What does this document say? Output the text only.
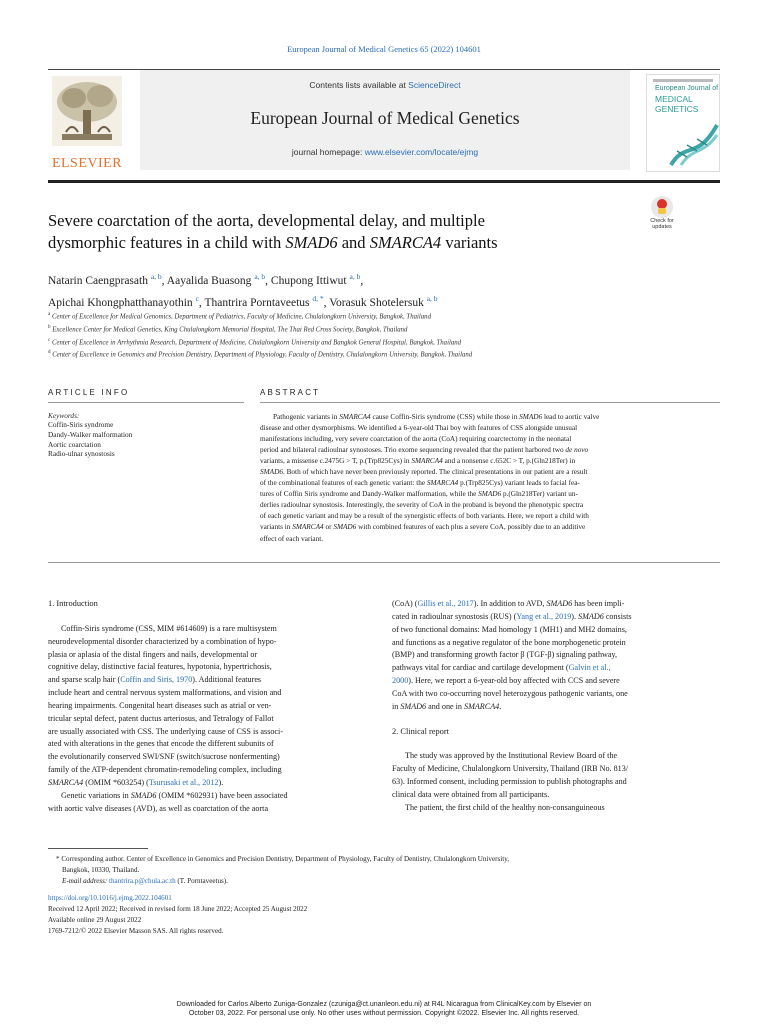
European Journal of Medical Genetics 65 (2022) 104601
ELSEVIER
Contents lists available at ScienceDirect
European Journal of Medical Genetics
journal homepage: www.elsevier.com/locate/ejmg
European Journal of
MEDICAL
GENETICS
Severe coarctation of the aorta, developmental delay, and multiple
dysmorphic features in a child with SMAD6 and SMARCA4 variants
Check for
updates
Natarin Caengprasath $^{a, b}$, Aayalida Buasong $^{a, b}$, Chupong Ittiwut $^{a, b}$,
Apichai Khongphatthanayothin $^c$, Thantrira Porntaveetus $^{d, *}$, Vorasuk Shotelersuk $^{a, b}$
$^a$ Center of Excellence for Medical Genomics, Department of Pediatrics, Faculty of Medicine, Chulalongkorn University, Bangkok, Thailand
$^b$ Excellence Center for Medical Genetics, King Chulalongkorn Memorial Hospital, The Thai Red Cross Society, Bangkok, Thailand
$^c$ Center of Excellence in Arrhythmia Research, Department of Medicine, Chulalongkorn University and Bangkok General Hospital, Bangkok, Thailand
$^d$ Center of Excellence in Genomics and Precision Dentistry, Department of Physiology, Faculty of Dentistry, Chulalongkorn University, Bangkok, Thailand
ARTICLE INFO	ABSTRACT
Keywords:
Coffin-Siris syndrome
Dandy-Walker malformation
Aortic coarctation
Radio-ulnar synostosis
Pathogenic variants in SMARCA4 cause Coffin-Siris syndrome (CSS) while those in SMAD6 lead to aortic valve
disease and other dysmorphisms. We identified a 6-year-old Thai boy with features of CSS alongside unusual
manifestations including, very severe coarctation of the aorta (CoA) requiring coarctectomy in the neonatal
period and bilateral radioulnar synostoses. Trio exome sequencing revealed that the patient harbored two de novo
variants, a missense c.2475G > T, p.(Trp825Cys) in SMARCA4 and a nonsense c.652C > T, p.(Gln218Ter) in
SMAD6. Both of which have never been previously reported. The clinical presentations in our patient are a result
of the combinational features of each genetic variant: the SMARCA4 p.(Trp825Cys) variant leads to facial fea-
tures of Coffin Siris syndrome and Dandy-Walker malformation, while the SMAD6 p.(Gln218Ter) variant un-
derlies radioulnar synostosis. Interestingly, the severity of CoA in the proband is beyond the phenotypic spectra
of each genetic variant and may be a result of the synergistic effects of both variants. Here, we report a child with
variants in SMARCA4 or SMAD6 with combined features of each plus a severe CoA, possibly due to an additive
effect of each variant.
1. Introduction
Coffin-Siris syndrome (CSS, MIM #614609) is a rare multisystem
neurodevelopmental disorder characterized by a combination of hypo-
plasia or aplasia of the distal fingers and nails, developmental or
cognitive delay, distinctive facial features, hypotonia, hypertrichosis,
and sparse scalp hair (Coffin and Siris, 1970). Additional features
include heart and central nervous system malformations, and vision and
hearing impairments. Congenital heart diseases such as atrial or ven-
tricular septal defect, patent ductus arteriosus, and Tetralogy of Fallot
are usually associated with CSS. The underlying cause of CSS is associ-
ated with alterations in the genes that encode the different subunits of
the evolutionarily conserved SWI/SNF (switch/sucrose nonfermenting)
family of the ATP-dependent chromatin-remodeling complex, including
SMARCA4 (OMIM *603254) (Tsurusaki et al., 2012).
Genetic variations in SMAD6 (OMIM *602931) have been associated
with aortic valve diseases (AVD), as well as coarctation of the aorta
(CoA) (Gillis et al., 2017). In addition to AVD, SMAD6 has been impli-
cated in radioulnar synostosis (RUS) (Yang et al., 2019). SMAD6 consists
of two functional domains: Mad homology 1 (MH1) and MH2 domains,
and functions as a negative regulator of the bone morphogenetic protein
(BMP) and transforming growth factor β (TGF-β) signaling pathway,
pathways vital for cardiac and cartilage development (Galvin et al.,
2000). Here, we report a 6-year-old boy affected with CCS and severe
CoA with two co-occurring novel heterozygous pathogenic variants, one
in SMAD6 and one in SMARCA4.
2. Clinical report
The study was approved by the Institutional Review Board of the
Faculty of Medicine, Chulalongkorn University, Thailand (IRB No. 813/
63). Informed consent, including permission to publish photographs and
clinical data were obtained from all participants.
The patient, the first child of the healthy non-consanguineous
* Corresponding author. Center of Excellence in Genomics and Precision Dentistry, Department of Physiology, Faculty of Dentistry, Chulalongkorn University,
Bangkok, 10330, Thailand.
E-mail address: thantrira.p@chula.ac.th (T. Porntaveetus).
https://doi.org/10.1016/j.ejmg.2022.104601
Received 12 April 2022; Received in revised form 18 June 2022; Accepted 25 August 2022
Available online 29 August 2022
1769-7212/© 2022 Elsevier Masson SAS. All rights reserved.
Downloaded for Carlos Alberto Zuniga-Gonzalez (czuniga@ct.unanleon.edu.ni) at R4L Nicaragua from ClinicalKey.com by Elsevier on
October 03, 2022. For personal use only. No other uses without permission. Copyright ©2022. Elsevier Inc. All rights reserved.
